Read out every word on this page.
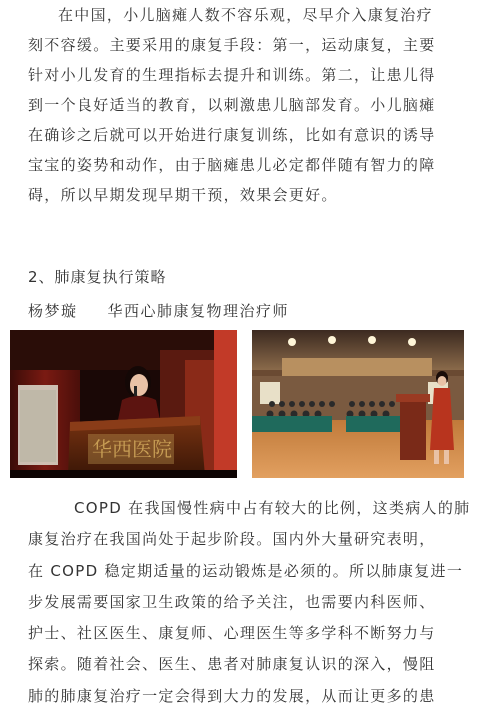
在中国，小儿脑瘫人数不容乐观，尽早介入康复治疗
刻不容缓。主要采用的康复手段：第一，运动康复，主要
针对小儿发育的生理指标去提升和训练。第二，让患儿得
到一个良好适当的教育，以刺激患儿脑部发育。小儿脑瘫
在确诊之后就可以开始进行康复训练，比如有意识的诱导
宝宝的姿势和动作，由于脑瘫患儿必定都伴随有智力的障
碍，所以早期发现早期干预，效果会更好。

2、肺康复执行策略

杨梦璇 华西心肺康复物理治疗师

华西医院
COPD 在我国慢性病中占有较大的比例，这类病人的肺
康复治疗在我国尚处于起步阶段。国内外大量研究表明，
在 COPD 稳定期适量的运动锻炼是必须的。所以肺康复进一
步发展需要国家卫生政策的给予关注，也需要内科医师、
护士、社区医生、康复师、心理医生等多学科不断努力与
探索。随着社会、医生、患者对肺康复认识的深入，慢阻
肺的肺康复治疗一定会得到大力的发展，从而让更多的患
